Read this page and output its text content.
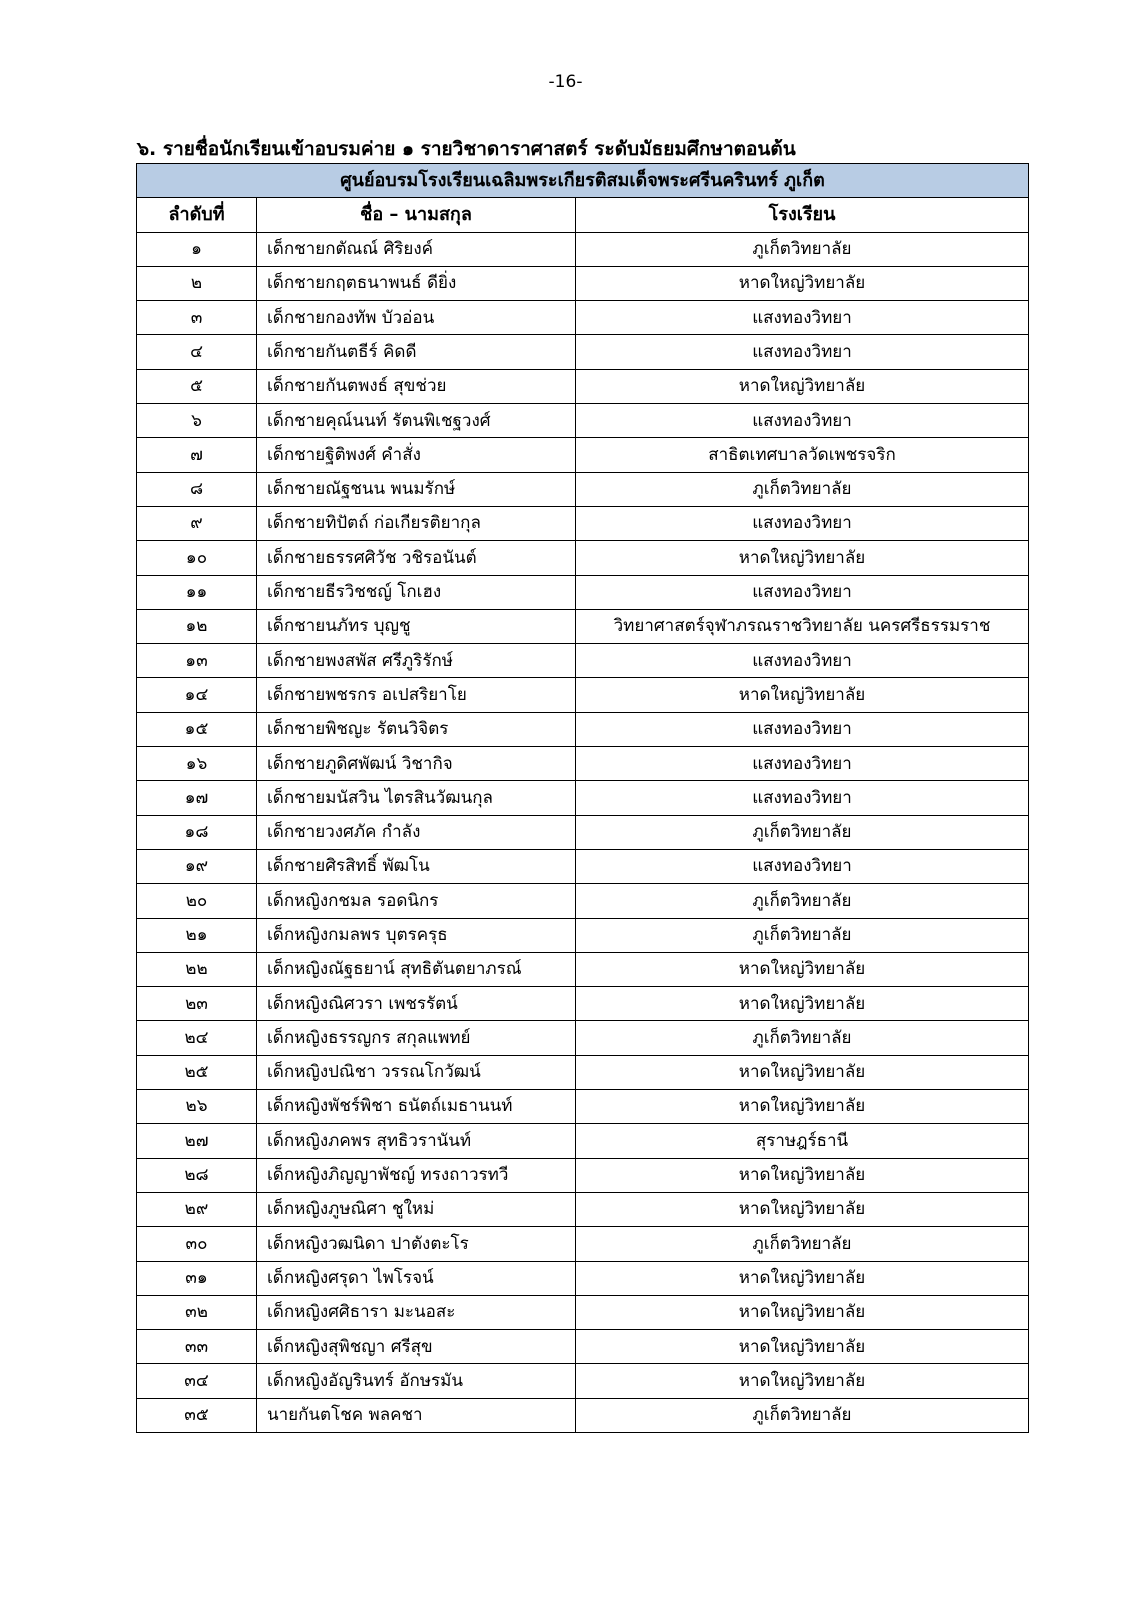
-16-
๖. รายชื่อนักเรียนเข้าอบรมค่าย ๑ รายวิชาดาราศาสตร์ ระดับมัธยมศึกษาตอนต้น
ศูนย์อบรมโรงเรียนเฉลิมพระเกียรติสมเด็จพระศรีนครินทร์ ภูเก็ต		
ลำดับที่	ชื่อ – นามสกุล	โรงเรียน
๑	เด็กชายกตัณณ์ ศิริยงค์	ภูเก็ตวิทยาลัย
๒	เด็กชายกฤตธนาพนธ์ ดียิ่ง	หาดใหญ่วิทยาลัย
๓	เด็กชายกองทัพ บัวอ่อน	แสงทองวิทยา
๔	เด็กชายกันตธีร์ คิดดี	แสงทองวิทยา
๕	เด็กชายกันตพงธ์ สุขช่วย	หาดใหญ่วิทยาลัย
๖	เด็กชายคุณ์นนท์ รัตนพิเชฐวงศ์	แสงทองวิทยา
๗	เด็กชายฐิติพงศ์ คำสั่ง	สาธิตเทศบาลวัดเพชรจริก
๘	เด็กชายณัฐชนน พนมรักษ์	ภูเก็ตวิทยาลัย
๙	เด็กชายทิปัตถ์ ก่อเกียรติยากุล	แสงทองวิทยา
๑๐	เด็กชายธรรศศิวัช วชิรอนันต์	หาดใหญ่วิทยาลัย
๑๑	เด็กชายธีรวิชชญ์ โกเฮง	แสงทองวิทยา
๑๒	เด็กชายนภัทร บุญชู	วิทยาศาสตร์จุฬาภรณราชวิทยาลัย นครศรีธรรมราช
๑๓	เด็กชายพงสพัส ศรีภูริรักษ์	แสงทองวิทยา
๑๔	เด็กชายพชรกร อเปสริยาโย	หาดใหญ่วิทยาลัย
๑๕	เด็กชายพิชญะ รัตนวิจิตร	แสงทองวิทยา
๑๖	เด็กชายภูดิศพัฒน์ วิชากิจ	แสงทองวิทยา
๑๗	เด็กชายมนัสวิน ไตรสินวัฒนกุล	แสงทองวิทยา
๑๘	เด็กชายวงศภัค กำลัง	ภูเก็ตวิทยาลัย
๑๙	เด็กชายศิรสิทธิ์ พัฒโน	แสงทองวิทยา
๒๐	เด็กหญิงกชมล รอดนิกร	ภูเก็ตวิทยาลัย
๒๑	เด็กหญิงกมลพร บุตรครุธ	ภูเก็ตวิทยาลัย
๒๒	เด็กหญิงณัฐธยาน์ สุทธิตันตยาภรณ์	หาดใหญ่วิทยาลัย
๒๓	เด็กหญิงณิศวรา เพชรรัตน์	หาดใหญ่วิทยาลัย
๒๔	เด็กหญิงธรรญกร สกุลแพทย์	ภูเก็ตวิทยาลัย
๒๕	เด็กหญิงปณิชา วรรณโกวัฒน์	หาดใหญ่วิทยาลัย
๒๖	เด็กหญิงพัชร์พิชา ธนัตถ์เมธานนท์	หาดใหญ่วิทยาลัย
๒๗	เด็กหญิงภคพร สุทธิวรานันท์	สุราษฎร์ธานี
๒๘	เด็กหญิงภิญญาพัชญ์ ทรงถาวรทวี	หาดใหญ่วิทยาลัย
๒๙	เด็กหญิงภูษณิศา ชูใหม่	หาดใหญ่วิทยาลัย
๓๐	เด็กหญิงวฒนิดา ปาตังตะโร	ภูเก็ตวิทยาลัย
๓๑	เด็กหญิงศรุดา ไพโรจน์	หาดใหญ่วิทยาลัย
๓๒	เด็กหญิงศศิธารา มะนอสะ	หาดใหญ่วิทยาลัย
๓๓	เด็กหญิงสุพิชญา ศรีสุข	หาดใหญ่วิทยาลัย
๓๔	เด็กหญิงอัญรินทร์ อักษรมัน	หาดใหญ่วิทยาลัย
๓๕	นายกันตโชค พลคชา	ภูเก็ตวิทยาลัย
